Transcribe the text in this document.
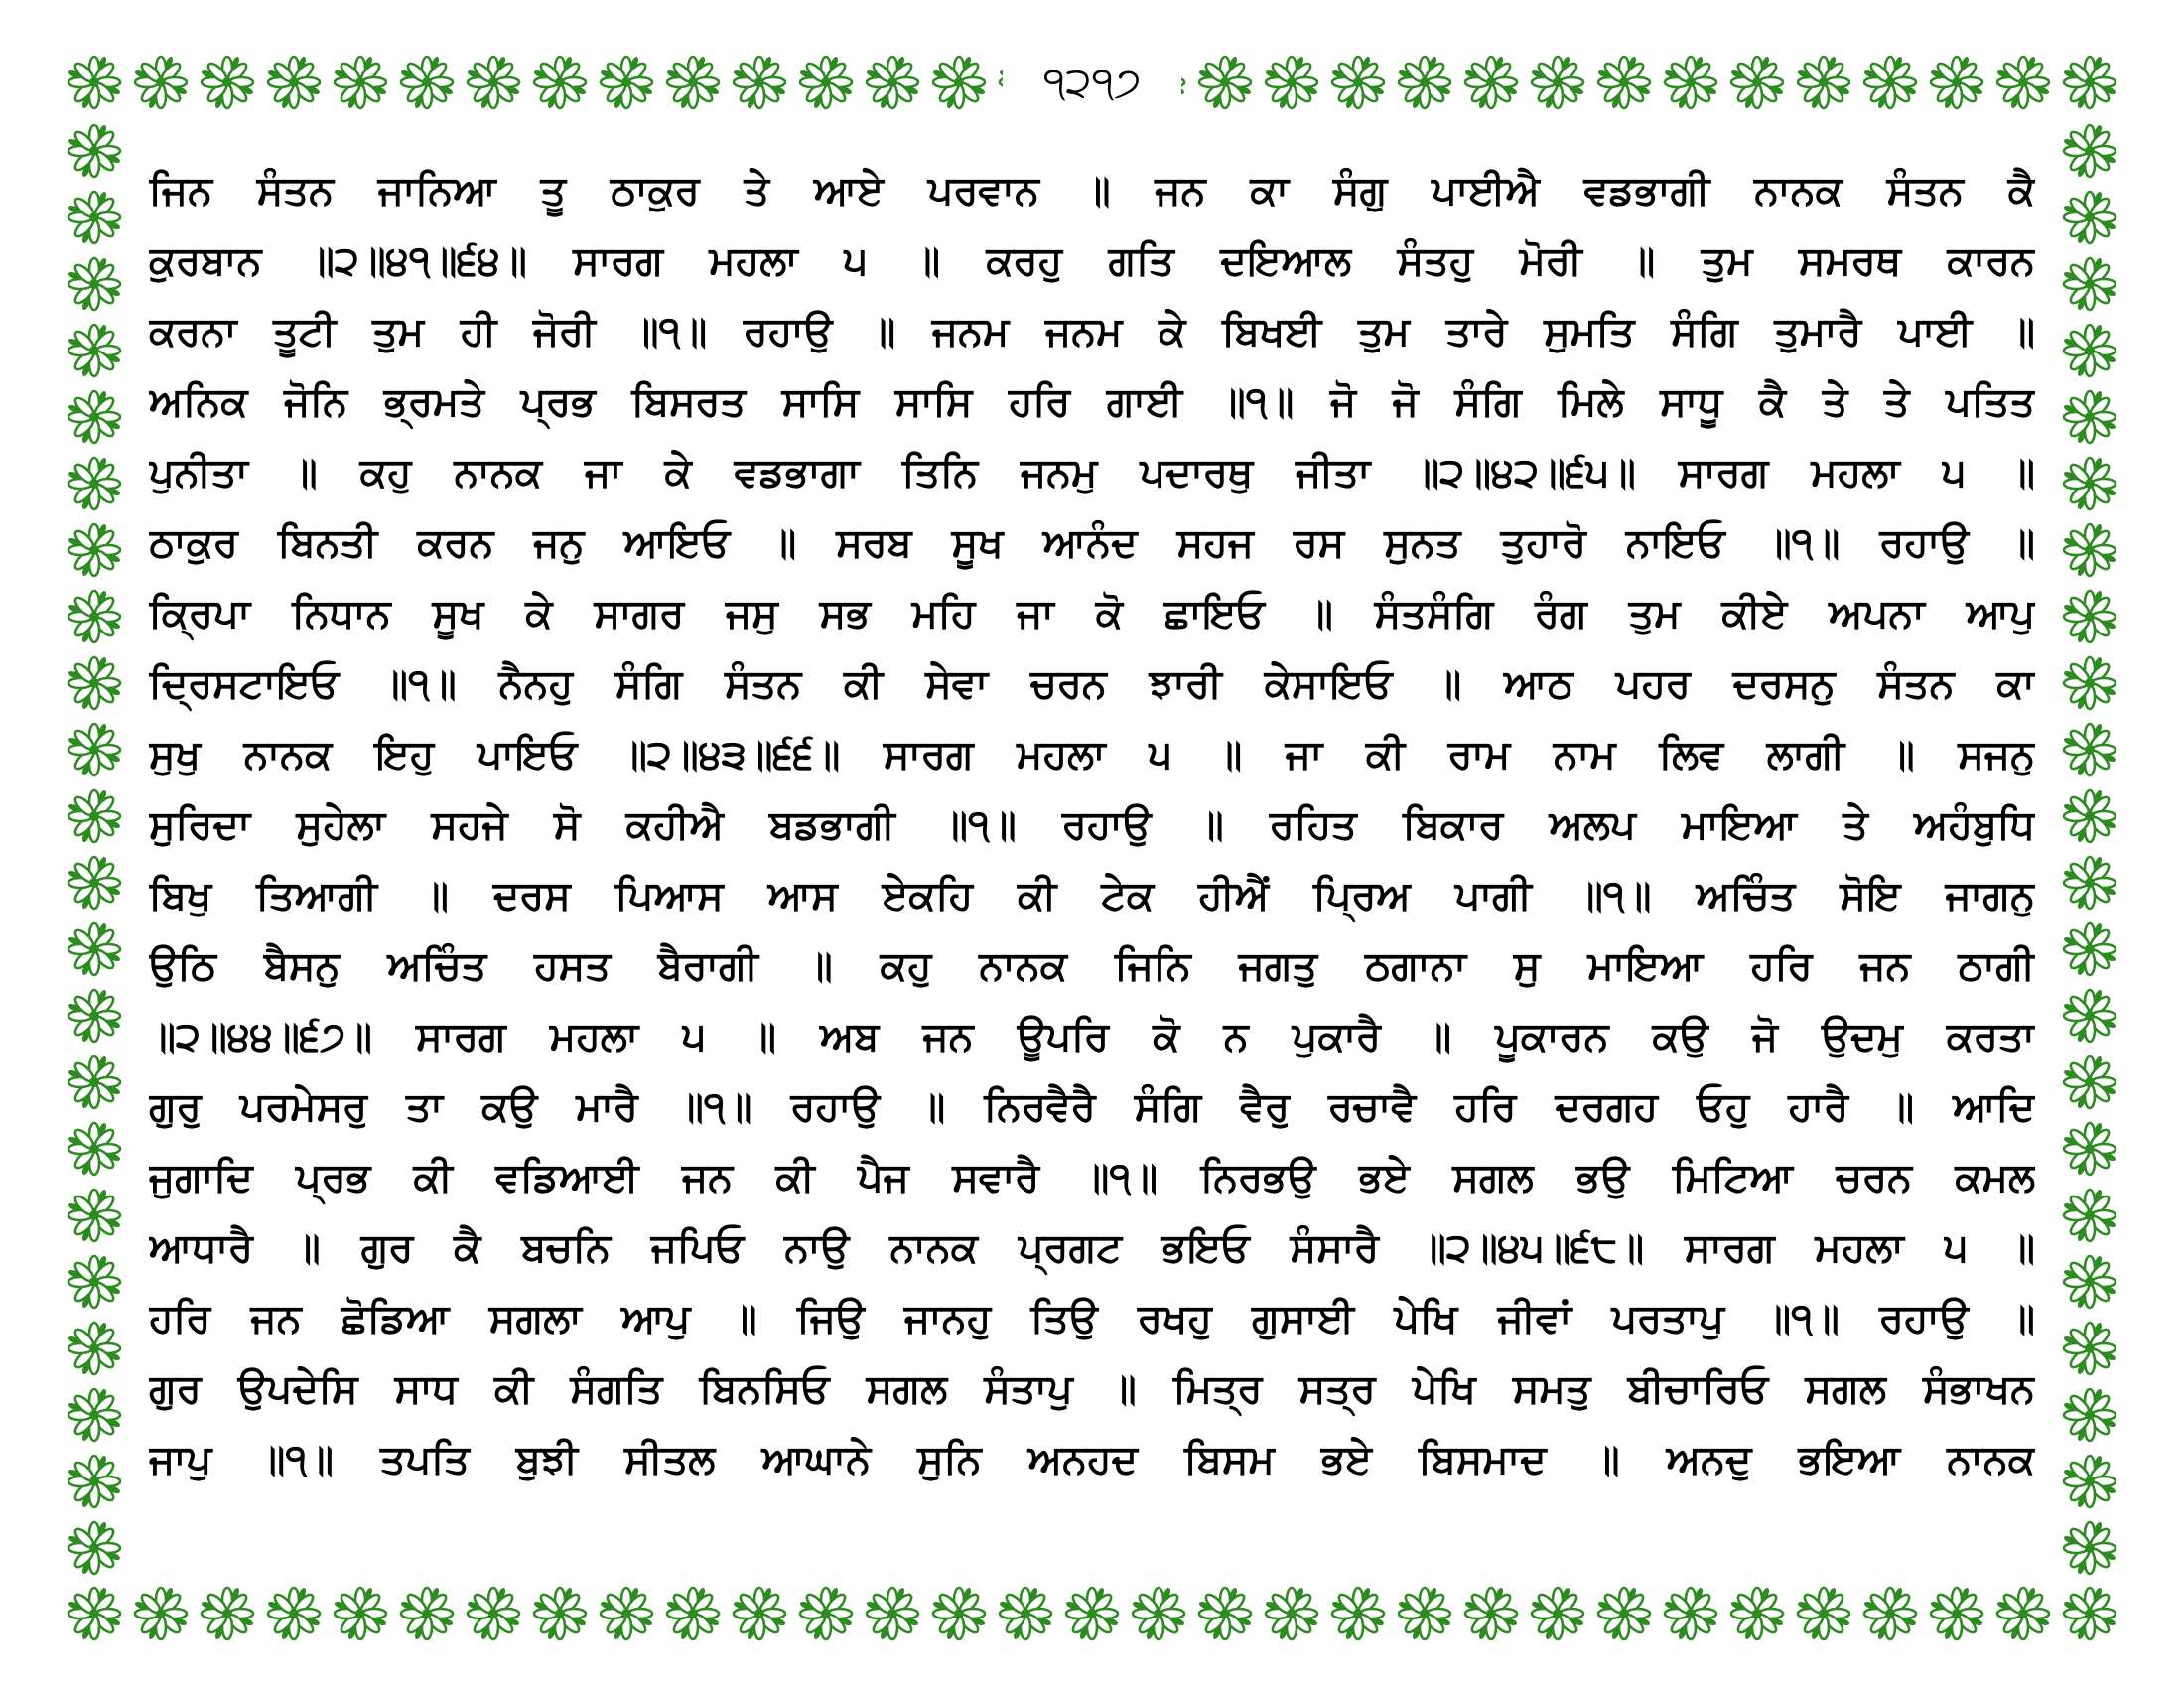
੧੨੧੭
ਜਿਨ ਸੰਤਨ ਜਾਨਿਆ ਤੂ ਠਾਕੁਰ ਤੇ ਆਏ ਪਰਵਾਨ ॥ ਜਨ ਕਾ ਸੰਗੁ ਪਾਈਐ ਵਡਭਾਗੀ ਨਾਨਕ ਸੰਤਨ ਕੈ
ਕੁਰਬਾਨ ॥੨॥੪੧॥੬੪॥ ਸਾਰਗ ਮਹਲਾ ੫ ॥ ਕਰਹੁ ਗਤਿ ਦਇਆਲ ਸੰਤਹੁ ਮੋਰੀ ॥ ਤੁਮ ਸਮਰਥ ਕਾਰਨ
ਕਰਨਾ ਤੂਟੀ ਤੁਮ ਹੀ ਜੋਰੀ ॥੧॥ ਰਹਾਉ ॥ ਜਨਮ ਜਨਮ ਕੇ ਬਿਖਈ ਤੁਮ ਤਾਰੇ ਸੁਮਤਿ ਸੰਗਿ ਤੁਮਾਰੈ ਪਾਈ ॥
ਅਨਿਕ ਜੋਨਿ ਭ੍ਰਮਤੇ ਪ੍ਰਭ ਬਿਸਰਤ ਸਾਸਿ ਸਾਸਿ ਹਰਿ ਗਾਈ ॥੧॥ ਜੋ ਜੋ ਸੰਗਿ ਮਿਲੇ ਸਾਧੂ ਕੈ ਤੇ ਤੇ ਪਤਿਤ
ਪੁਨੀਤਾ ॥ ਕਹੁ ਨਾਨਕ ਜਾ ਕੇ ਵਡਭਾਗਾ ਤਿਨਿ ਜਨਮੁ ਪਦਾਰਥੁ ਜੀਤਾ ॥੨॥੪੨॥੬੫॥ ਸਾਰਗ ਮਹਲਾ ੫ ॥
ਠਾਕੁਰ ਬਿਨਤੀ ਕਰਨ ਜਨੁ ਆਇਓ ॥ ਸਰਬ ਸੂਖ ਆਨੰਦ ਸਹਜ ਰਸ ਸੁਨਤ ਤੁਹਾਰੋ ਨਾਇਓ ॥੧॥ ਰਹਾਉ ॥
ਕ੍ਰਿਪਾ ਨਿਧਾਨ ਸੂਖ ਕੇ ਸਾਗਰ ਜਸੁ ਸਭ ਮਹਿ ਜਾ ਕੋ ਛਾਇਓ ॥ ਸੰਤਸੰਗਿ ਰੰਗ ਤੁਮ ਕੀਏ ਅਪਨਾ ਆਪੁ
ਦ੍ਰਿਸਟਾਇਓ ॥੧॥ ਨੈਨਹੁ ਸੰਗਿ ਸੰਤਨ ਕੀ ਸੇਵਾ ਚਰਨ ਝਾਰੀ ਕੇਸਾਇਓ ॥ ਆਠ ਪਹਰ ਦਰਸਨੁ ਸੰਤਨ ਕਾ
ਸੁਖੁ ਨਾਨਕ ਇਹੁ ਪਾਇਓ ॥੨॥੪੩॥੬੬॥ ਸਾਰਗ ਮਹਲਾ ੫ ॥ ਜਾ ਕੀ ਰਾਮ ਨਾਮ ਲਿਵ ਲਾਗੀ ॥ ਸਜਨੁ
ਸੁਰਿਦਾ ਸੁਹੇਲਾ ਸਹਜੇ ਸੋ ਕਹੀਐ ਬਡਭਾਗੀ ॥੧॥ ਰਹਾਉ ॥ ਰਹਿਤ ਬਿਕਾਰ ਅਲਪ ਮਾਇਆ ਤੇ ਅਹੰਬੁਧਿ
ਬਿਖੁ ਤਿਆਗੀ ॥ ਦਰਸ ਪਿਆਸ ਆਸ ਏਕਹਿ ਕੀ ਟੇਕ ਹੀਐਂ ਪ੍ਰਿਅ ਪਾਗੀ ॥੧॥ ਅਚਿੰਤ ਸੋਇ ਜਾਗਨੁ
ਉਠਿ ਬੈਸਨੁ ਅਚਿੰਤ ਹਸਤ ਬੈਰਾਗੀ ॥ ਕਹੁ ਨਾਨਕ ਜਿਨਿ ਜਗਤੁ ਠਗਾਨਾ ਸੁ ਮਾਇਆ ਹਰਿ ਜਨ ਠਾਗੀ
॥੨॥੪੪॥੬੭॥ ਸਾਰਗ ਮਹਲਾ ੫ ॥ ਅਬ ਜਨ ਊਪਰਿ ਕੋ ਨ ਪੁਕਾਰੈ ॥ ਪੂਕਾਰਨ ਕਉ ਜੋ ਉਦਮੁ ਕਰਤਾ
ਗੁਰੁ ਪਰਮੇਸਰੁ ਤਾ ਕਉ ਮਾਰੈ ॥੧॥ ਰਹਾਉ ॥ ਨਿਰਵੈਰੈ ਸੰਗਿ ਵੈਰੁ ਰਚਾਵੈ ਹਰਿ ਦਰਗਹ ਓਹੁ ਹਾਰੈ ॥ ਆਦਿ
ਜੁਗਾਦਿ ਪ੍ਰਭ ਕੀ ਵਡਿਆਈ ਜਨ ਕੀ ਪੈਜ ਸਵਾਰੈ ॥੧॥ ਨਿਰਭਉ ਭਏ ਸਗਲ ਭਉ ਮਿਟਿਆ ਚਰਨ ਕਮਲ
ਆਧਾਰੈ ॥ ਗੁਰ ਕੈ ਬਚਨਿ ਜਪਿਓ ਨਾਉ ਨਾਨਕ ਪ੍ਰਗਟ ਭਇਓ ਸੰਸਾਰੈ ॥੨॥੪੫॥੬੮॥ ਸਾਰਗ ਮਹਲਾ ੫ ॥
ਹਰਿ ਜਨ ਛੋਡਿਆ ਸਗਲਾ ਆਪੁ ॥ ਜਿਉ ਜਾਨਹੁ ਤਿਉ ਰਖਹੁ ਗੁਸਾਈ ਪੇਖਿ ਜੀਵਾਂ ਪਰਤਾਪੁ ॥੧॥ ਰਹਾਉ ॥
ਗੁਰ ਉਪਦੇਸਿ ਸਾਧ ਕੀ ਸੰਗਤਿ ਬਿਨਸਿਓ ਸਗਲ ਸੰਤਾਪੁ ॥ ਮਿਤ੍ਰ ਸਤ੍ਰ ਪੇਖਿ ਸਮਤੁ ਬੀਚਾਰਿਓ ਸਗਲ ਸੰਭਾਖਨ
ਜਾਪੁ ॥੧॥ ਤਪਤਿ ਬੁਝੀ ਸੀਤਲ ਆਘਾਨੇ ਸੁਨਿ ਅਨਹਦ ਬਿਸਮ ਭਏ ਬਿਸਮਾਦ ॥ ਅਨਦੁ ਭਇਆ ਨਾਨਕ
